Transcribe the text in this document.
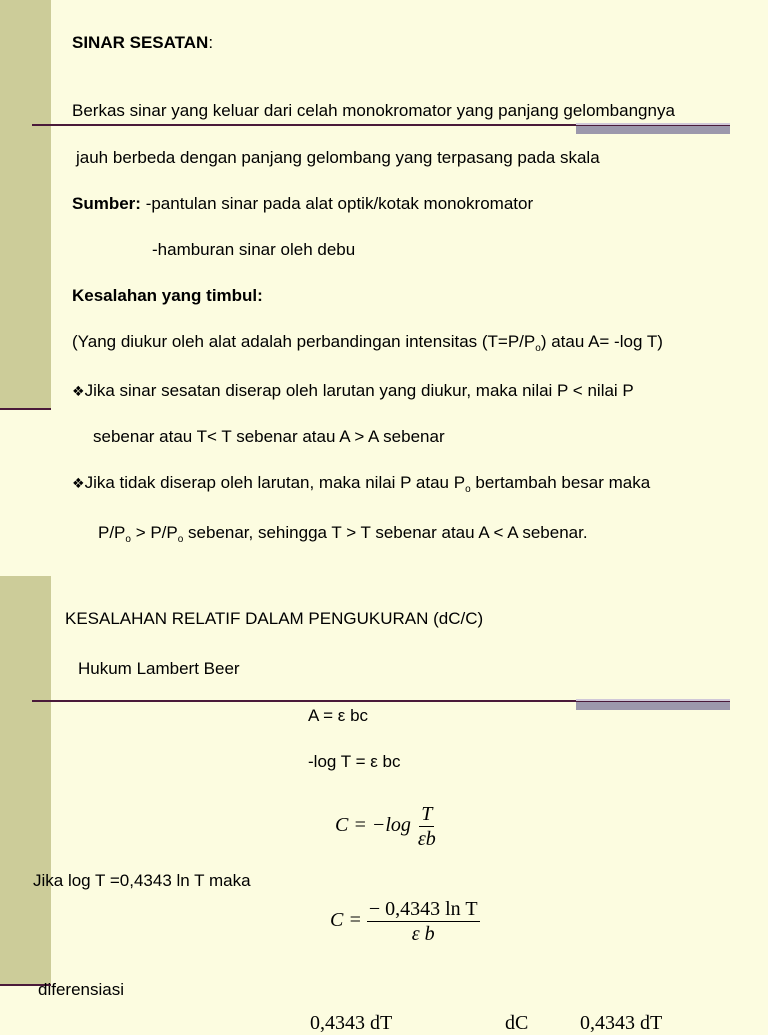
SINAR SESATAN:
Berkas sinar yang keluar dari celah monokromator yang panjang gelombangnya
jauh berbeda dengan panjang gelombang yang terpasang pada skala
Sumber: -pantulan sinar pada alat optik/kotak monokromator
-hamburan sinar oleh debu
Kesalahan yang timbul:
(Yang diukur oleh alat adalah perbandingan intensitas $(T=P/P_o)$ atau A= -log T)
❖Jika sinar sesatan diserap oleh larutan yang diukur, maka nilai P < nilai P
sebenar atau T< T sebenar atau A > A sebenar
❖Jika tidak diserap oleh larutan, maka nilai P atau $P_o$ bertambah besar maka
$P/P_o > P/P_o$ sebenar, sehingga T > T sebenar atau A < A sebenar.
KESALAHAN RELATIF DALAM PENGUKURAN (dC/C)
Hukum Lambert Beer
A = ε bc
-log T = ε bc
$C = -\log \frac{T}{\varepsilon b}$
Jika log T =0,4343 ln T maka
$C = \frac{\text{− 0,4343 ln T}}{\text{ε b}}$
diferensiasi
0,4343 dT	dC	0,4343 dT
